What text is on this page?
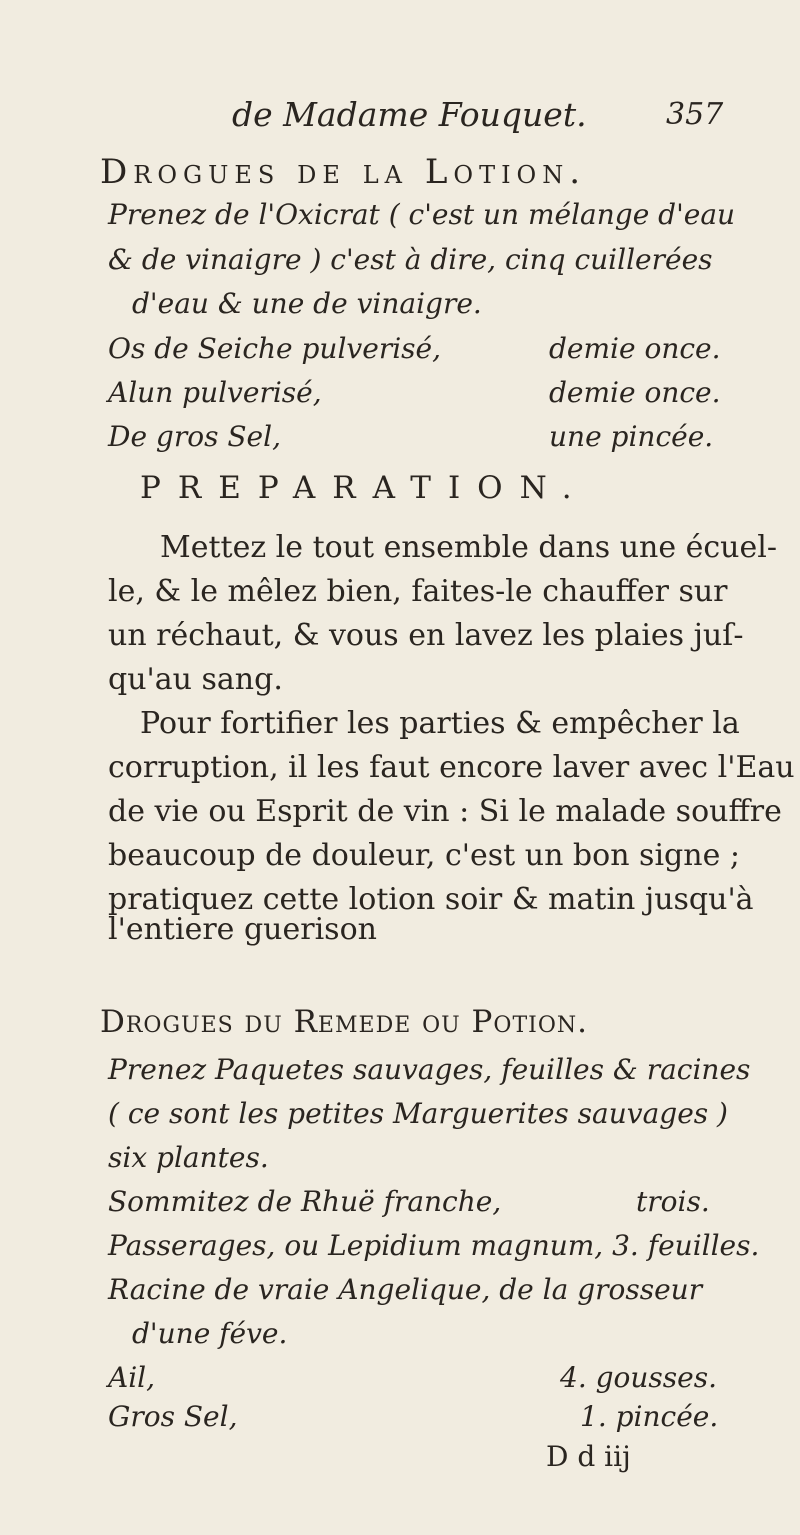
de Madame Fouquet.	357
Drogues de la Lotion.
Prenez de l'Oxicrat ( c'est un mélange d'eau
& de vinaigre ) c'est à dire, cinq cuillerées
d'eau & une de vinaigre.
Os de Seiche pulverisé,	demie once.
Alun pulverisé,	demie once.
De gros Sel,	une pincée.
PREPARATION.
Mettez le tout ensemble dans une écuel-
le, & le mêlez bien, faites-le chauffer sur
un réchaut, & vous en lavez les plaies juſ-
qu'au sang.
Pour fortifier les parties & empêcher la
corruption, il les faut encore laver avec l'Eau
de vie ou Esprit de vin : Si le malade souffre
beaucoup de douleur, c'est un bon signe ;
pratiquez cette lotion soir & matin jusqu'à
l'entiere guerison
Drogues du Remede ou Potion.
Prenez Paquetes sauvages, feuilles & racines
( ce sont les petites Marguerites sauvages )
six plantes.
Sommitez de Rhuë franche,	trois.
Passerages, ou Lepidium magnum, 3. feuilles.
Racine de vraie Angelique, de la grosseur
d'une féve.
Ail,	4. gousses.
Gros Sel,	1. pincée.
D d iij
